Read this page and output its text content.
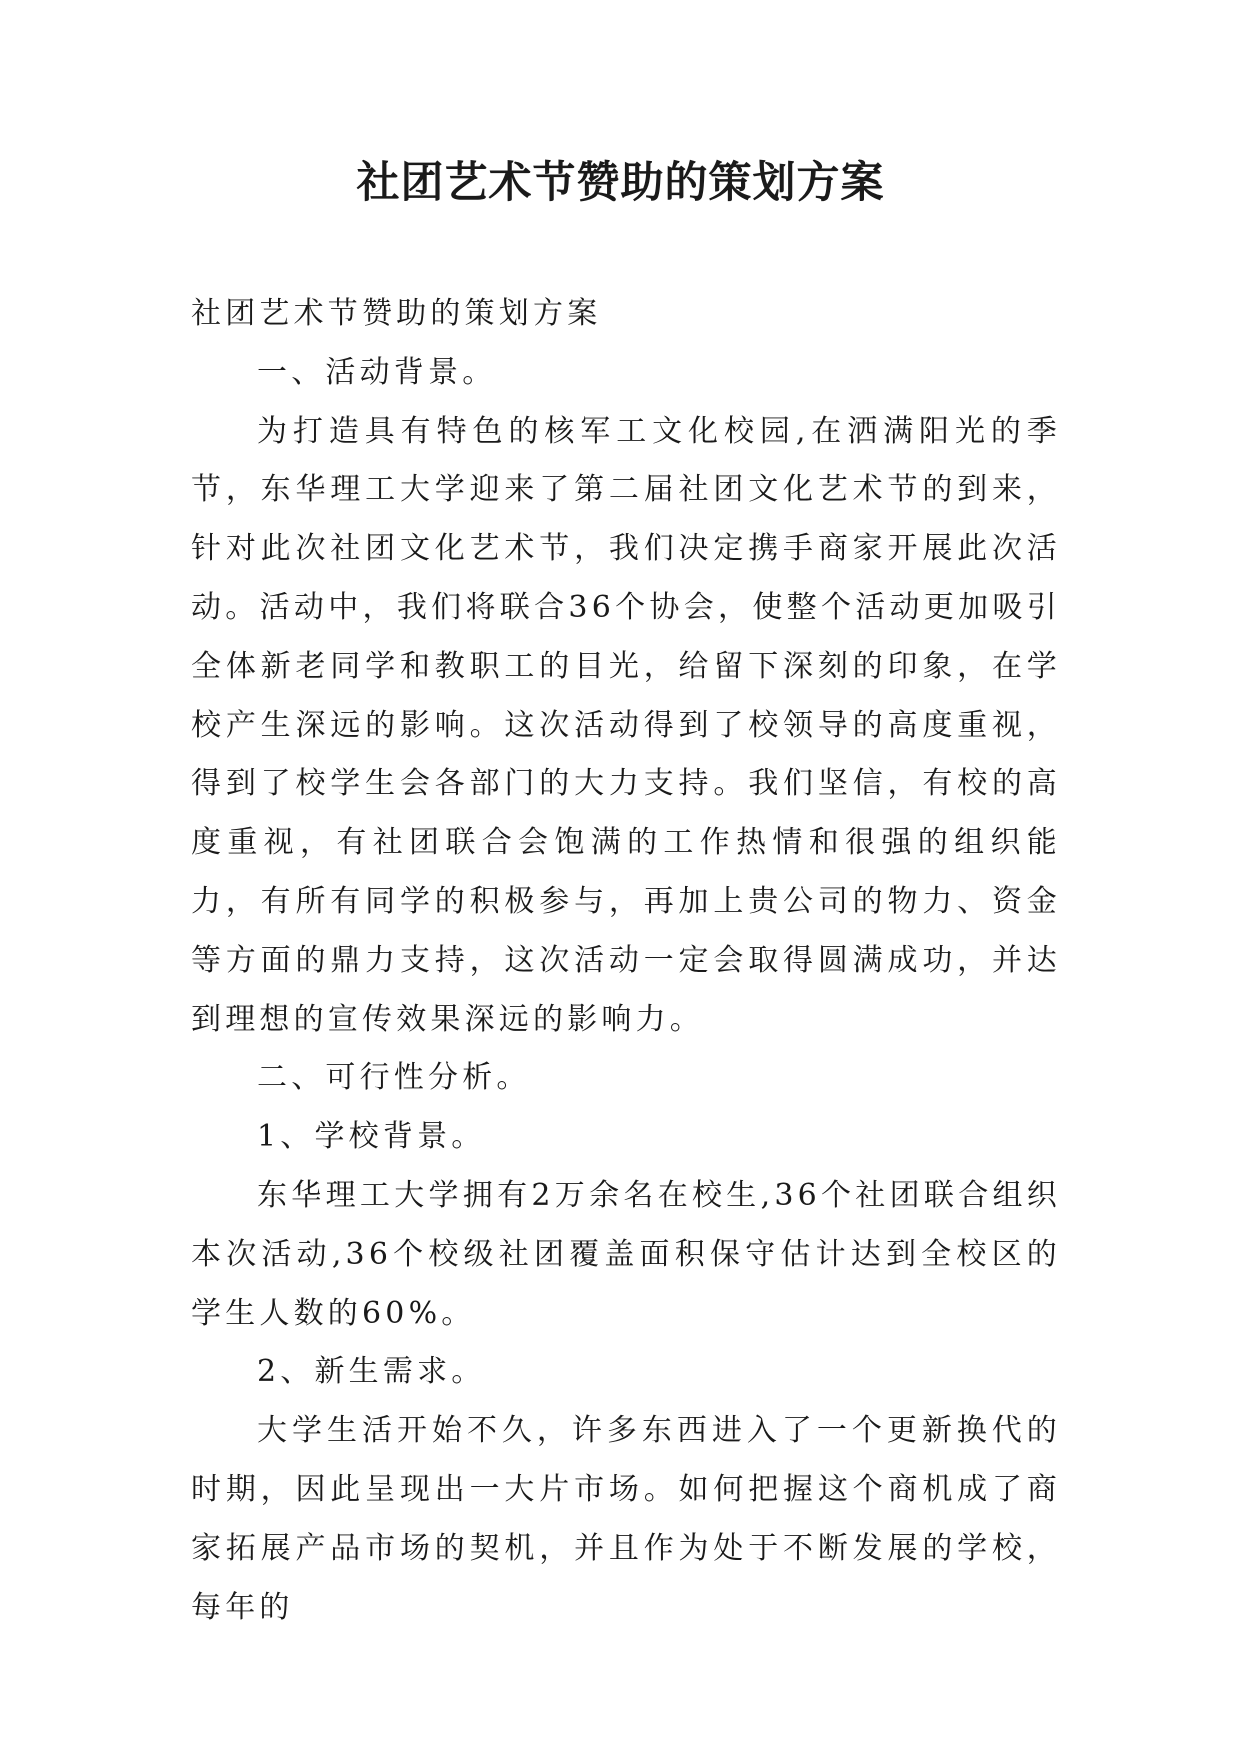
社团艺术节赞助的策划方案

社团艺术节赞助的策划方案

一、活动背景。

为打造具有特色的核军工文化校园,在洒满阳光的季节，东华理工大学迎来了第二届社团文化艺术节的到来，针对此次社团文化艺术节，我们决定携手商家开展此次活动。活动中，我们将联合36个协会，使整个活动更加吸引全体新老同学和教职工的目光，给留下深刻的印象，在学校产生深远的影响。这次活动得到了校领导的高度重视，得到了校学生会各部门的大力支持。我们坚信，有校的高度重视，有社团联合会饱满的工作热情和很强的组织能力，有所有同学的积极参与，再加上贵公司的物力、资金等方面的鼎力支持，这次活动一定会取得圆满成功，并达到理想的宣传效果深远的影响力。

二、可行性分析。

1、学校背景。

东华理工大学拥有2万余名在校生,36个社团联合组织本次活动,36个校级社团覆盖面积保守估计达到全校区的学生人数的60%。

2、新生需求。

大学生活开始不久，许多东西进入了一个更新换代的时期，因此呈现出一大片市场。如何把握这个商机成了商家拓展产品市场的契机，并且作为处于不断发展的学校，每年的
